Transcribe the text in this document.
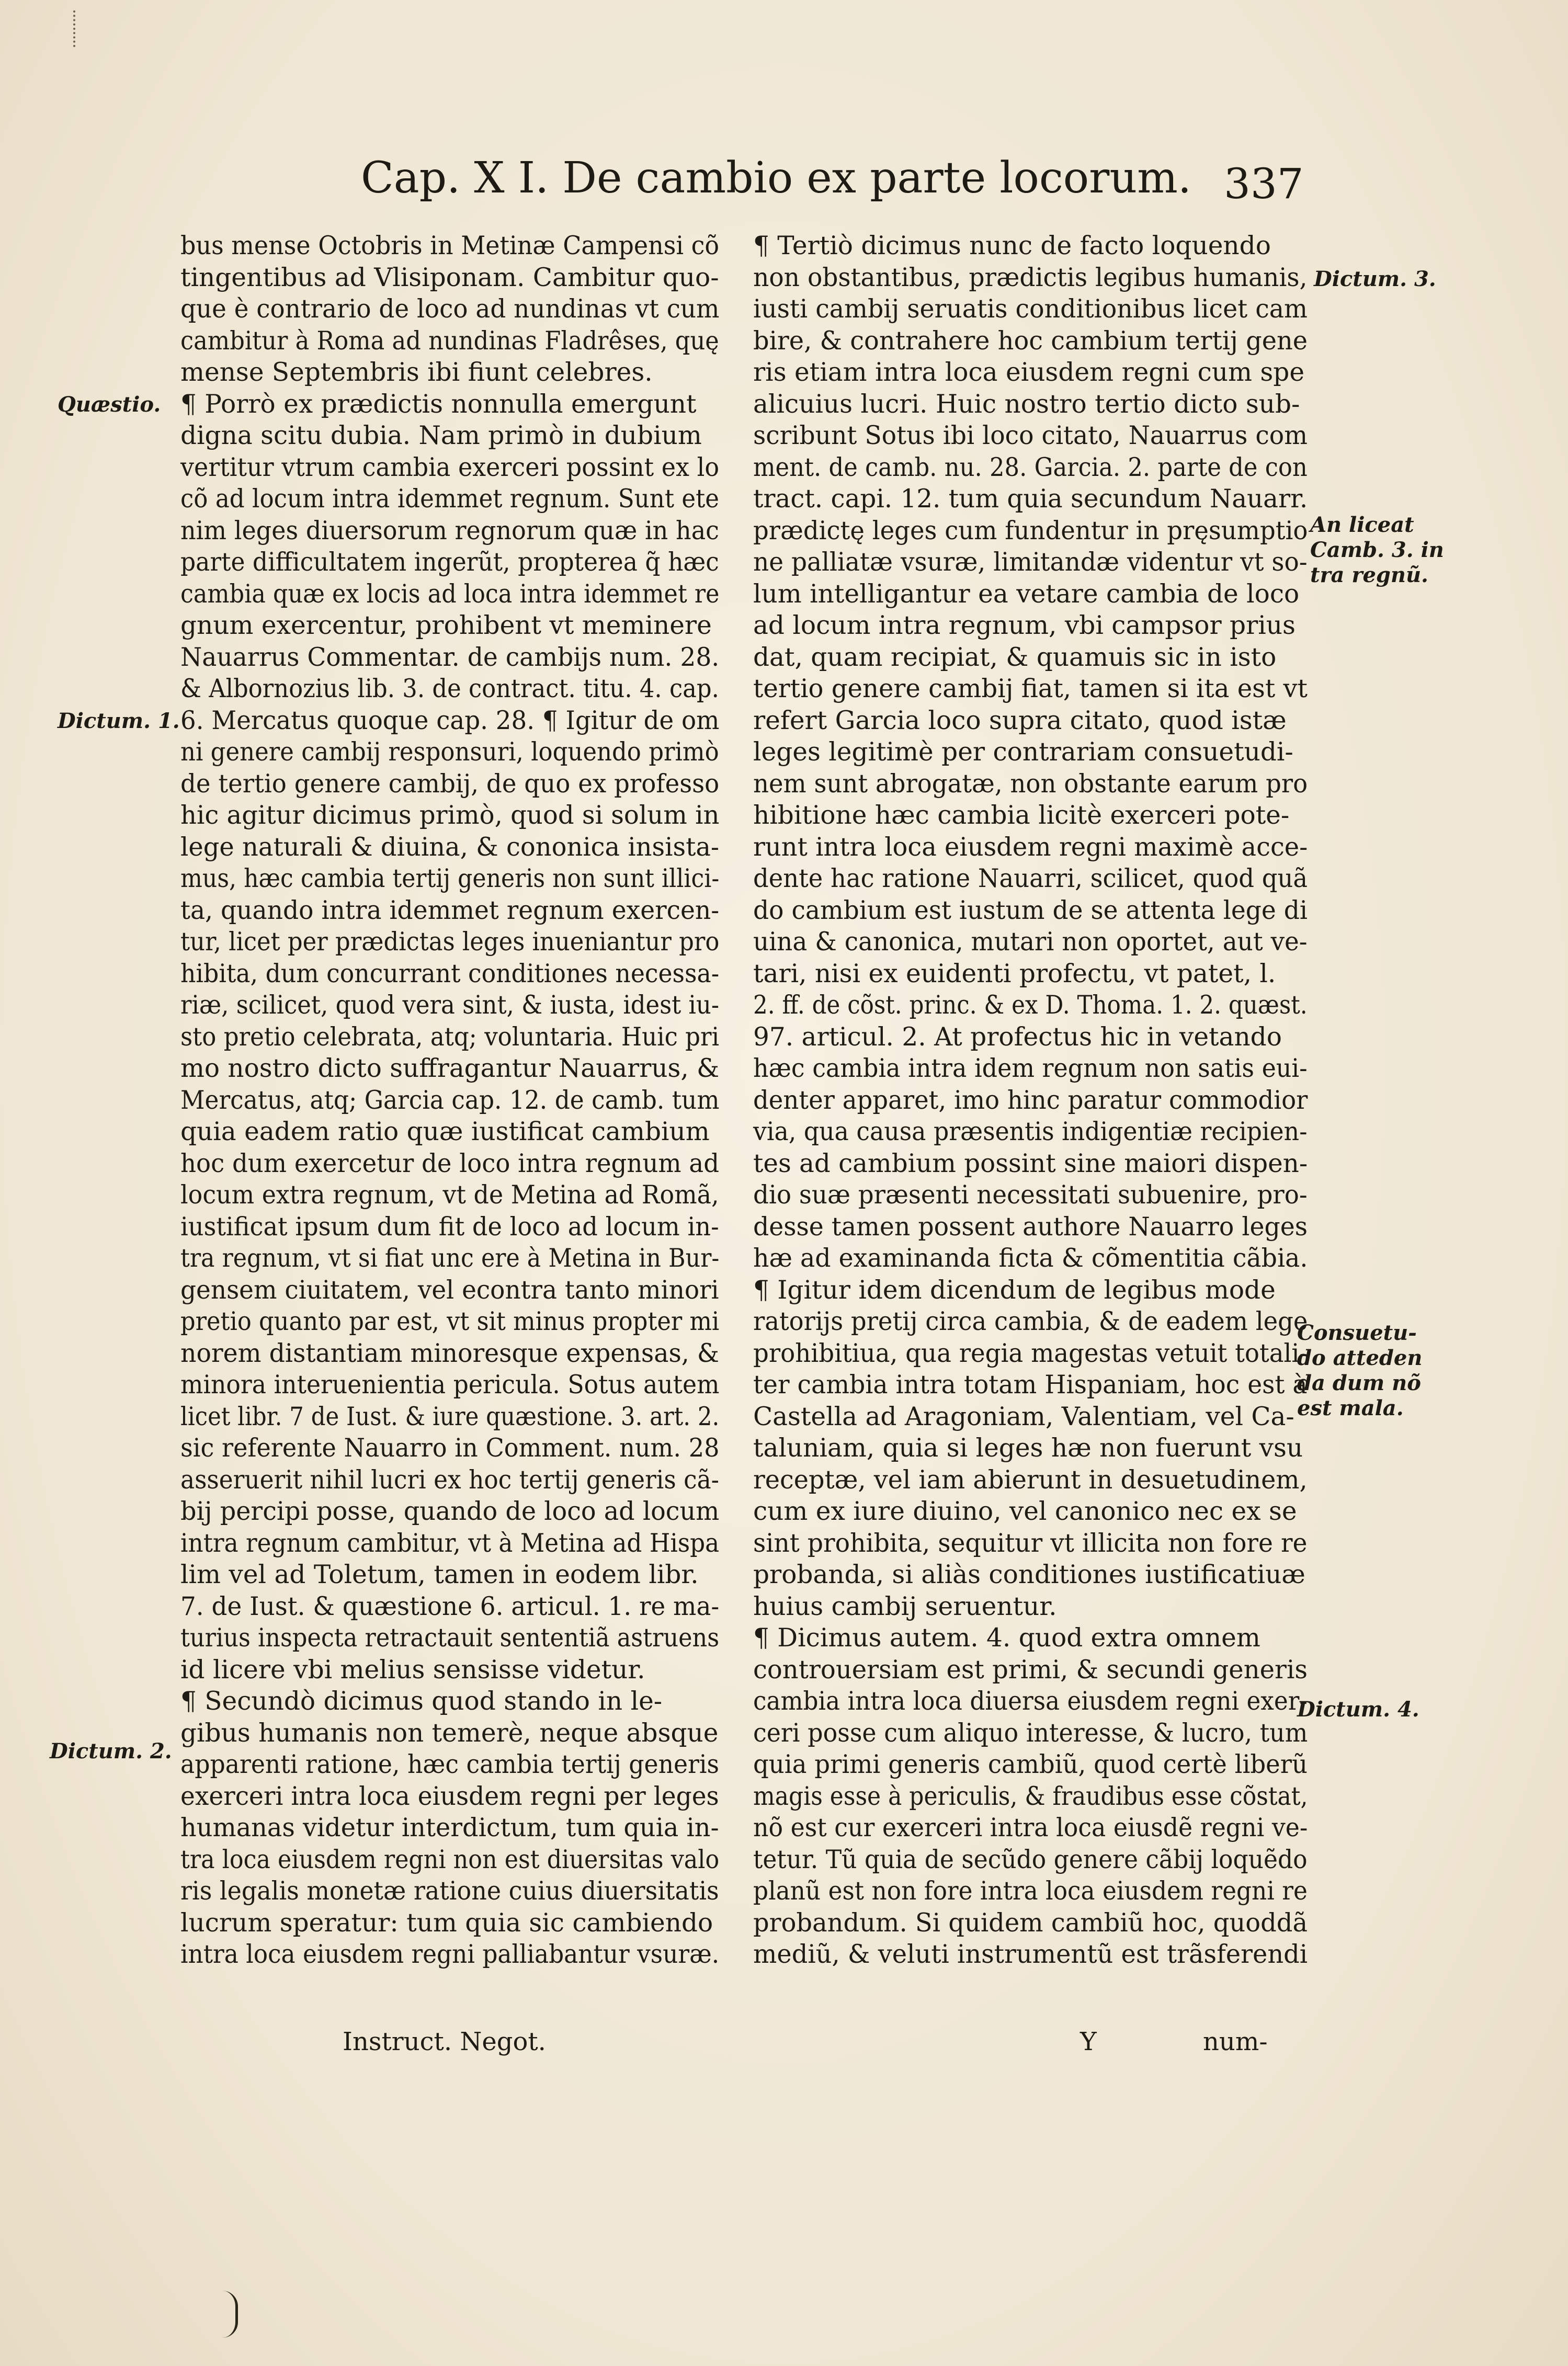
Cap. X I. De cambio ex parte locorum. 337
bus mense Octobris in Metinæ Campensi cõ
tingentibus ad Vlisiponam. Cambitur quo-
que è contrario de loco ad nundinas vt cum
cambitur à Roma ad nundinas Fladrêses, quę
mense Septembris ibi fiunt celebres.
¶ Porrò ex prædictis nonnulla emergunt
digna scitu dubia. Nam primò in dubium
vertitur vtrum cambia exerceri possint ex lo
cõ ad locum intra idemmet regnum. Sunt ete
nim leges diuersorum regnorum quæ in hac
parte difficultatem ingerũt, propterea q̃ hæc
cambia quæ ex locis ad loca intra idemmet re
gnum exercentur, prohibent vt meminere
Nauarrus Commentar. de cambijs num. 28.
& Albornozius lib. 3. de contract. titu. 4. cap.
6. Mercatus quoque cap. 28. ¶ Igitur de om
ni genere cambij responsuri, loquendo primò
de tertio genere cambij, de quo ex professo
hic agitur dicimus primò, quod si solum in
lege naturali & diuina, & cononica insista-
mus, hæc cambia tertij generis non sunt illici-
ta, quando intra idemmet regnum exercen-
tur, licet per prædictas leges inueniantur pro
hibita, dum concurrant conditiones necessa-
riæ, scilicet, quod vera sint, & iusta, idest iu-
sto pretio celebrata, atq; voluntaria. Huic pri
mo nostro dicto suffragantur Nauarrus, &
Mercatus, atq; Garcia cap. 12. de camb. tum
quia eadem ratio quæ iustificat cambium
hoc dum exercetur de loco intra regnum ad
locum extra regnum, vt de Metina ad Romã,
iustificat ipsum dum fit de loco ad locum in-
tra regnum, vt si fiat unc ere à Metina in Bur-
gensem ciuitatem, vel econtra tanto minori
pretio quanto par est, vt sit minus propter mi
norem distantiam minoresque expensas, &
minora interuenientia pericula. Sotus autem
licet libr. 7 de Iust. & iure quæstione. 3. art. 2.
sic referente Nauarro in Comment. num. 28
asseruerit nihil lucri ex hoc tertij generis cã-
bij percipi posse, quando de loco ad locum
intra regnum cambitur, vt à Metina ad Hispa
lim vel ad Toletum, tamen in eodem libr.
7. de Iust. & quæstione 6. articul. 1. re ma-
turius inspecta retractauit sententiã astruens
id licere vbi melius sensisse videtur.
¶ Secundò dicimus quod stando in le-
gibus humanis non temerè, neque absque
apparenti ratione, hæc cambia tertij generis
exerceri intra loca eiusdem regni per leges
humanas videtur interdictum, tum quia in-
tra loca eiusdem regni non est diuersitas valo
ris legalis monetæ ratione cuius diuersitatis
lucrum speratur: tum quia sic cambiendo
intra loca eiusdem regni palliabantur vsuræ.
¶ Tertiò dicimus nunc de facto loquendo
non obstantibus, prædictis legibus humanis,
iusti cambij seruatis conditionibus licet cam
bire, & contrahere hoc cambium tertij gene
ris etiam intra loca eiusdem regni cum spe
alicuius lucri. Huic nostro tertio dicto sub-
scribunt Sotus ibi loco citato, Nauarrus com
ment. de camb. nu. 28. Garcia. 2. parte de con
tract. capi. 12. tum quia secundum Nauarr.
prædictę leges cum fundentur in pręsumptio
ne palliatæ vsuræ, limitandæ videntur vt so-
lum intelligantur ea vetare cambia de loco
ad locum intra regnum, vbi campsor prius
dat, quam recipiat, & quamuis sic in isto
tertio genere cambij fiat, tamen si ita est vt
refert Garcia loco supra citato, quod istæ
leges legitimè per contrariam consuetudi-
nem sunt abrogatæ, non obstante earum pro
hibitione hæc cambia licitè exerceri pote-
runt intra loca eiusdem regni maximè acce-
dente hac ratione Nauarri, scilicet, quod quã
do cambium est iustum de se attenta lege di
uina & canonica, mutari non oportet, aut ve-
tari, nisi ex euidenti profectu, vt patet, l.
2. ff. de cõst. princ. & ex D. Thoma. 1. 2. quæst.
97. articul. 2. At profectus hic in vetando
hæc cambia intra idem regnum non satis eui-
denter apparet, imo hinc paratur commodior
via, qua causa præsentis indigentiæ recipien-
tes ad cambium possint sine maiori dispen-
dio suæ præsenti necessitati subuenire, pro-
desse tamen possent authore Nauarro leges
hæ ad examinanda ficta & cõmentitia cãbia.
¶ Igitur idem dicendum de legibus mode
ratorijs pretij circa cambia, & de eadem lege
prohibitiua, qua regia magestas vetuit totali-
ter cambia intra totam Hispaniam, hoc est à
Castella ad Aragoniam, Valentiam, vel Ca-
taluniam, quia si leges hæ non fuerunt vsu
receptæ, vel iam abierunt in desuetudinem,
cum ex iure diuino, vel canonico nec ex se
sint prohibita, sequitur vt illicita non fore re
probanda, si aliàs conditiones iustificatiuæ
huius cambij seruentur.
¶ Dicimus autem. 4. quod extra omnem
controuersiam est primi, & secundi generis
cambia intra loca diuersa eiusdem regni exer-
ceri posse cum aliquo interesse, & lucro, tum
quia primi generis cambiũ, quod certè liberũ
magis esse à periculis, & fraudibus esse cõstat,
nõ est cur exerceri intra loca eiusdẽ regni ve-
tetur. Tũ quia de secũdo genere cãbij loquẽdo
planũ est non fore intra loca eiusdem regni re
probandum. Si quidem cambiũ hoc, quoddã
mediũ, & veluti instrumentũ est trãsferendi
Quæstio.
Dictum. 1.
Dictum. 2.
Dictum. 3.
An liceat
Camb. 3. in
tra regnũ.
Consuetu-
do atteden
da dum nõ
est mala.
Dictum. 4.
Instruct. Negot.	Y	num-
